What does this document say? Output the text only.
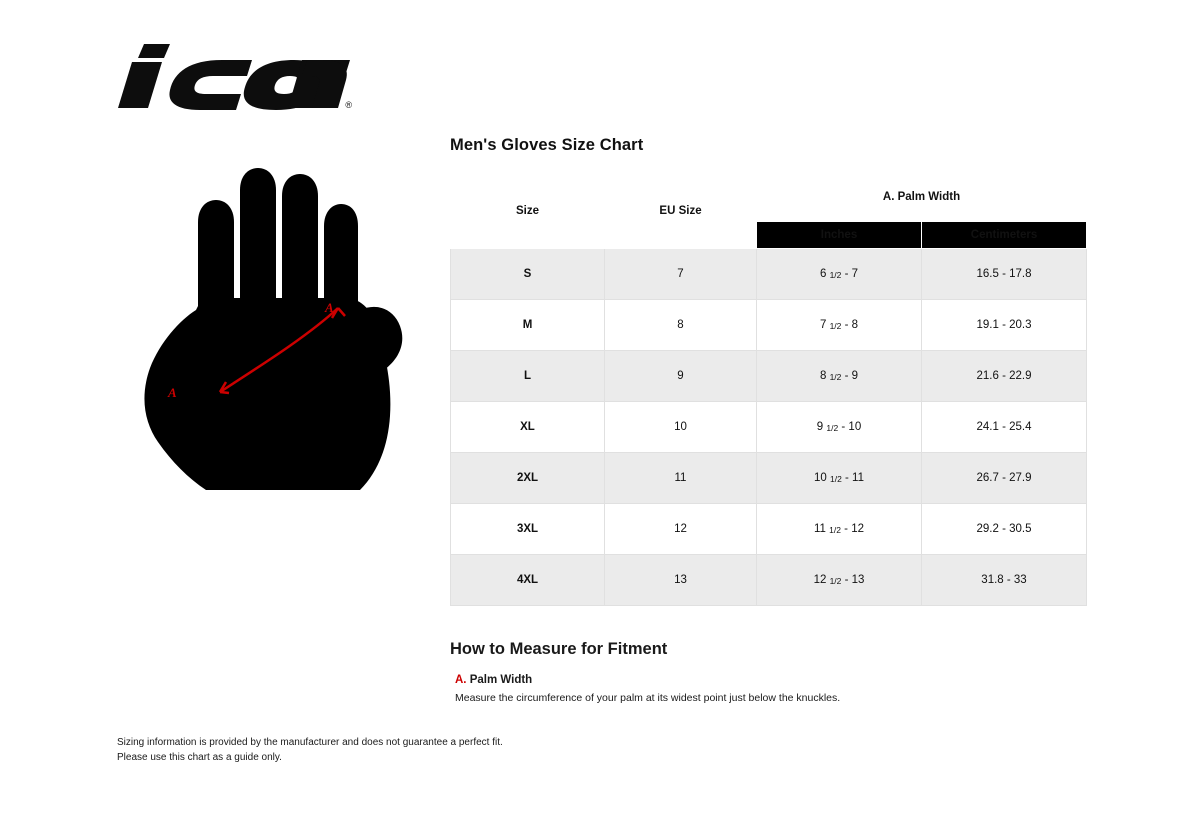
®
A
A
Men's Gloves Size Chart
Size	EU Size	A. Palm Width	
		Inches	Centimeters
S	7	6 1/2 - 7	16.5 - 17.8
M	8	7 1/2 - 8	19.1 - 20.3
L	9	8 1/2 - 9	21.6 - 22.9
XL	10	9 1/2 - 10	24.1 - 25.4
2XL	11	10 1/2 - 11	26.7 - 27.9
3XL	12	11 1/2 - 12	29.2 - 30.5
4XL	13	12 1/2 - 13	31.8 - 33
How to Measure for Fitment
A. Palm Width
Measure the circumference of your palm at its widest point just below the knuckles.
Sizing information is provided by the manufacturer and does not guarantee a perfect fit.
Please use this chart as a guide only.
